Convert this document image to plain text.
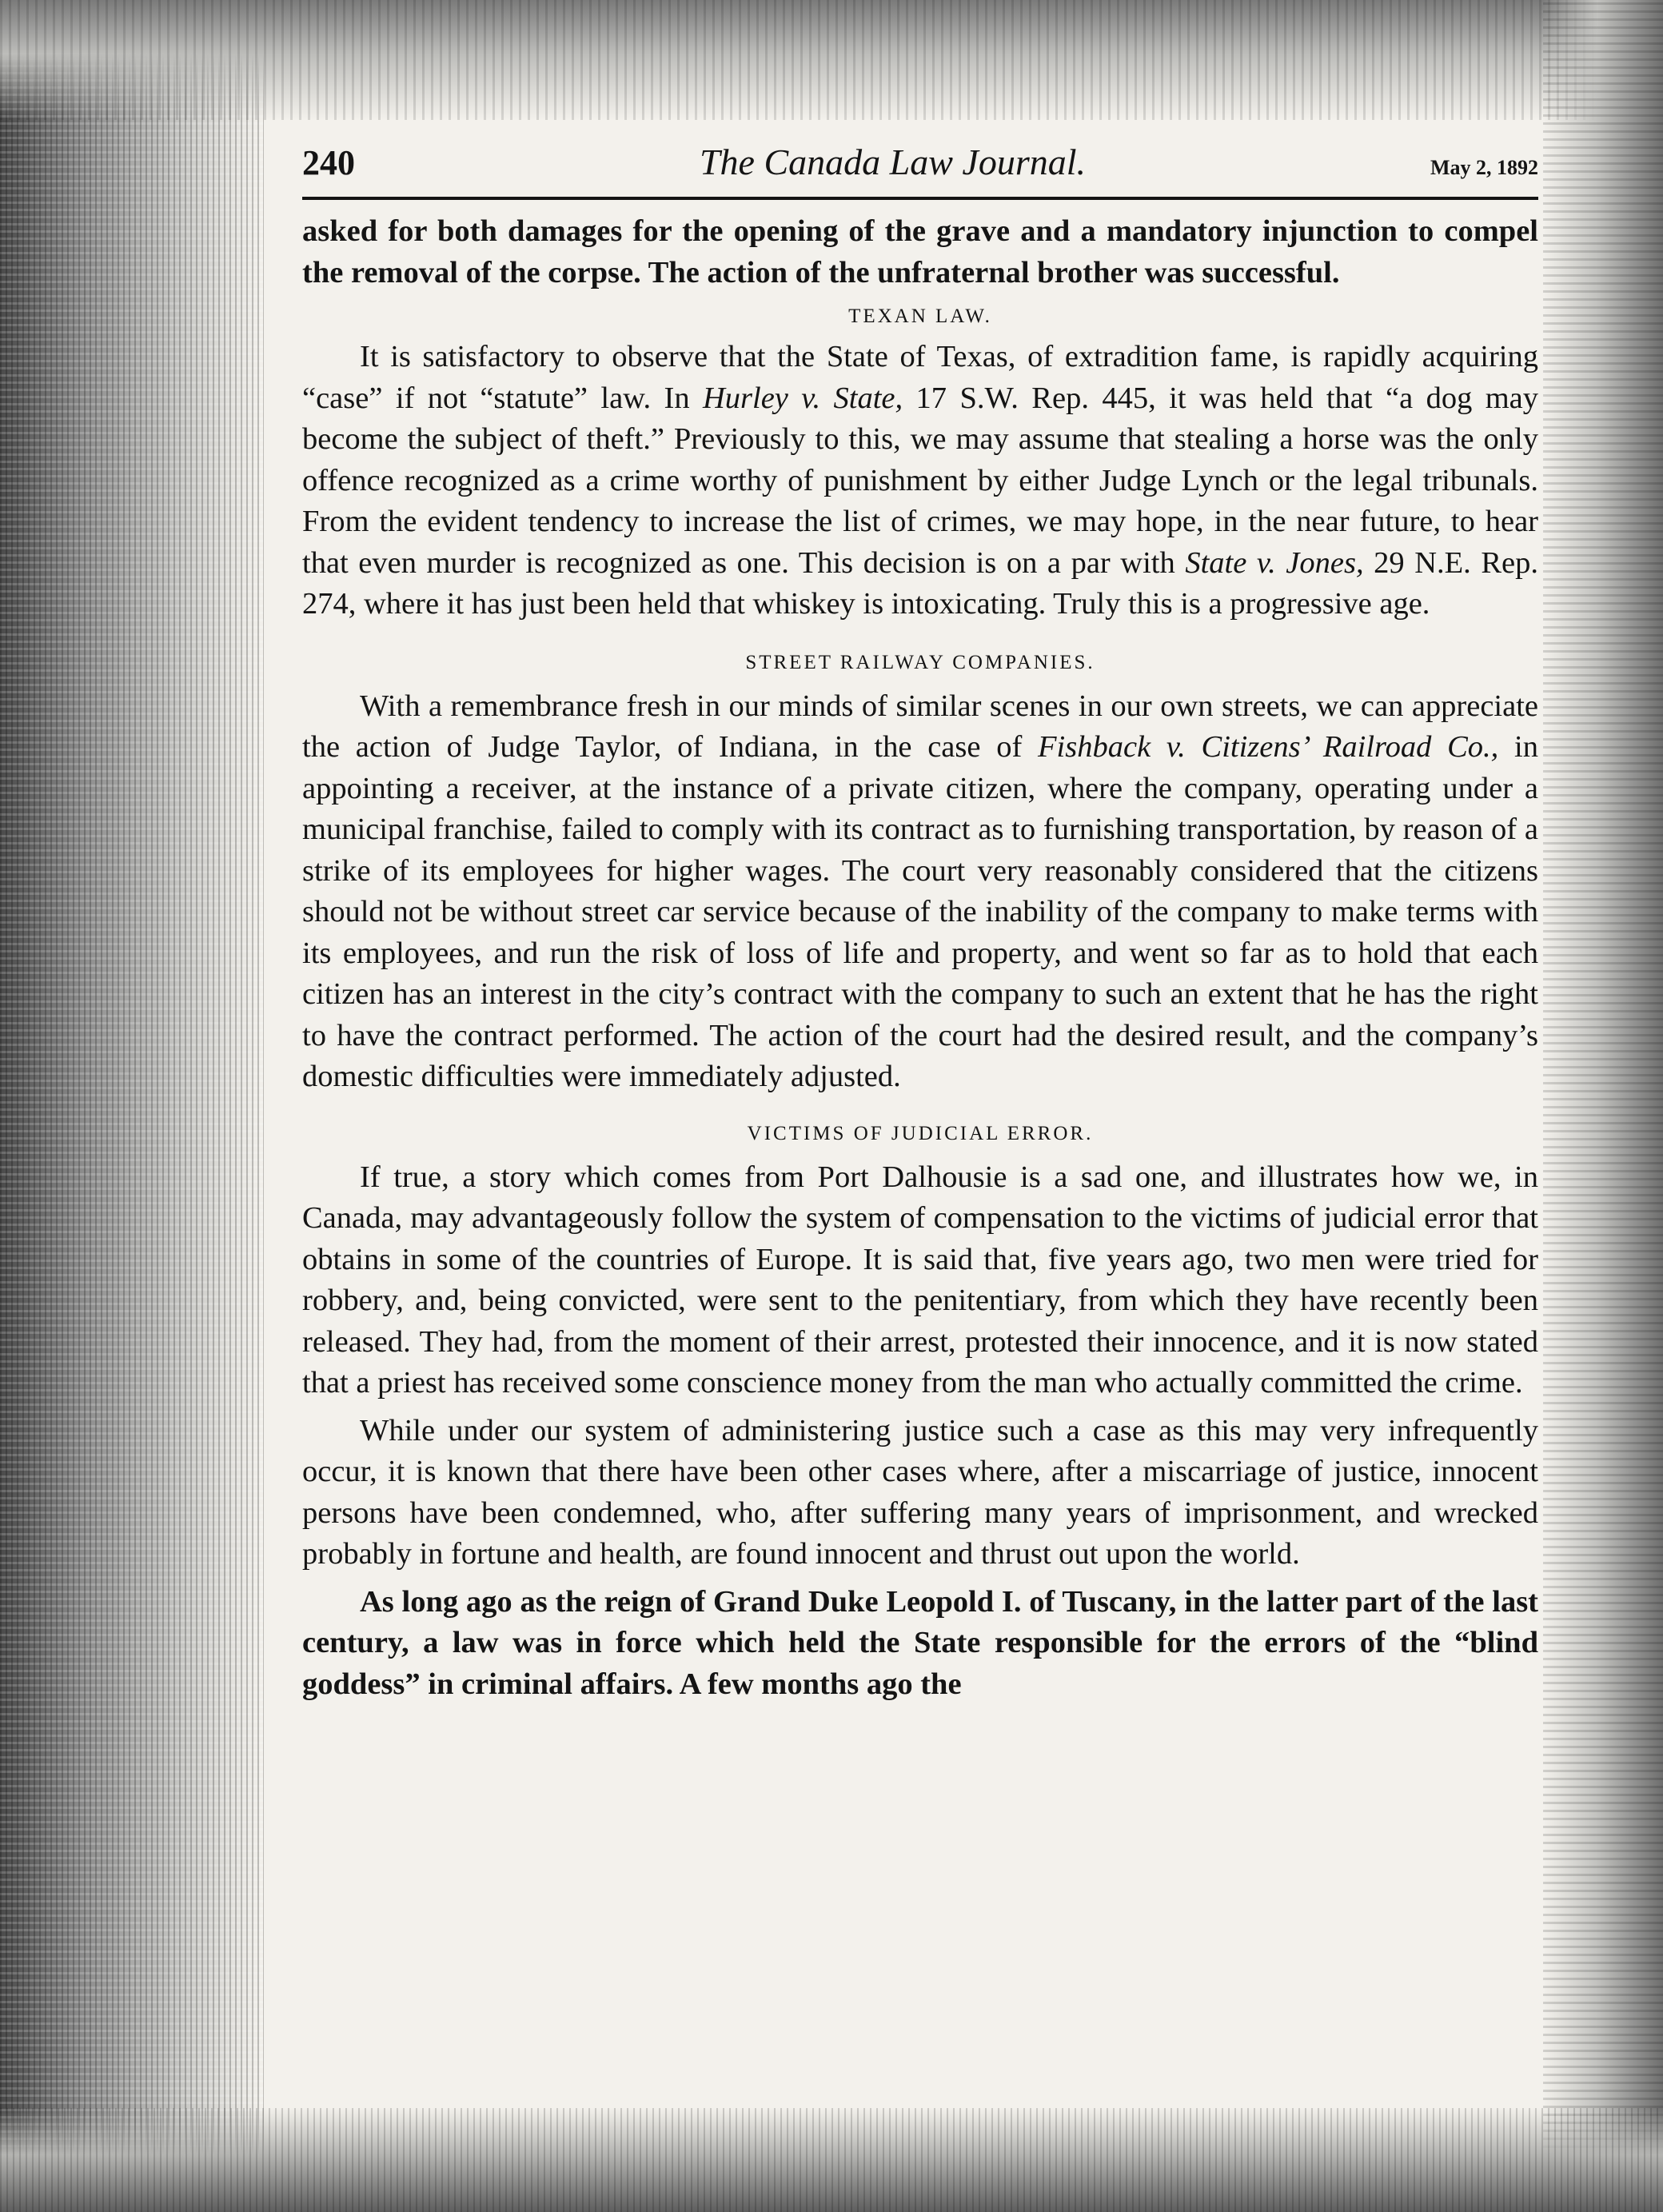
240	The Canada Law Journal.	May 2, 1892

asked for both damages for the opening of the grave and a mandatory injunction to compel the removal of the corpse. The action of the unfraternal brother was successful.

TEXAN LAW.

It is satisfactory to observe that the State of Texas, of extradition fame, is rapidly acquiring “case” if not “statute” law. In Hurley v. State, 17 S.W. Rep. 445, it was held that “a dog may become the subject of theft.” Previously to this, we may assume that stealing a horse was the only offence recognized as a crime worthy of punishment by either Judge Lynch or the legal tribunals. From the evident tendency to increase the list of crimes, we may hope, in the near future, to hear that even murder is recognized as one. This decision is on a par with State v. Jones, 29 N.E. Rep. 274, where it has just been held that whiskey is intoxicating. Truly this is a progressive age.

STREET RAILWAY COMPANIES.

With a remembrance fresh in our minds of similar scenes in our own streets, we can appreciate the action of Judge Taylor, of Indiana, in the case of Fishback v. Citizens’ Railroad Co., in appointing a receiver, at the instance of a private citizen, where the company, operating under a municipal franchise, failed to comply with its contract as to furnishing transportation, by reason of a strike of its employees for higher wages. The court very reasonably considered that the citizens should not be without street car service because of the inability of the company to make terms with its employees, and run the risk of loss of life and property, and went so far as to hold that each citizen has an interest in the city’s contract with the company to such an extent that he has the right to have the contract performed. The action of the court had the desired result, and the company’s domestic difficulties were immediately adjusted.

VICTIMS OF JUDICIAL ERROR.

If true, a story which comes from Port Dalhousie is a sad one, and illustrates how we, in Canada, may advantageously follow the system of compensation to the victims of judicial error that obtains in some of the countries of Europe. It is said that, five years ago, two men were tried for robbery, and, being convicted, were sent to the penitentiary, from which they have recently been released. They had, from the moment of their arrest, protested their innocence, and it is now stated that a priest has received some conscience money from the man who actually committed the crime.

While under our system of administering justice such a case as this may very infrequently occur, it is known that there have been other cases where, after a miscarriage of justice, innocent persons have been condemned, who, after suffering many years of imprisonment, and wrecked probably in fortune and health, are found innocent and thrust out upon the world.

As long ago as the reign of Grand Duke Leopold I. of Tuscany, in the latter part of the last century, a law was in force which held the State responsible for the errors of the “blind goddess” in criminal affairs. A few months ago the
